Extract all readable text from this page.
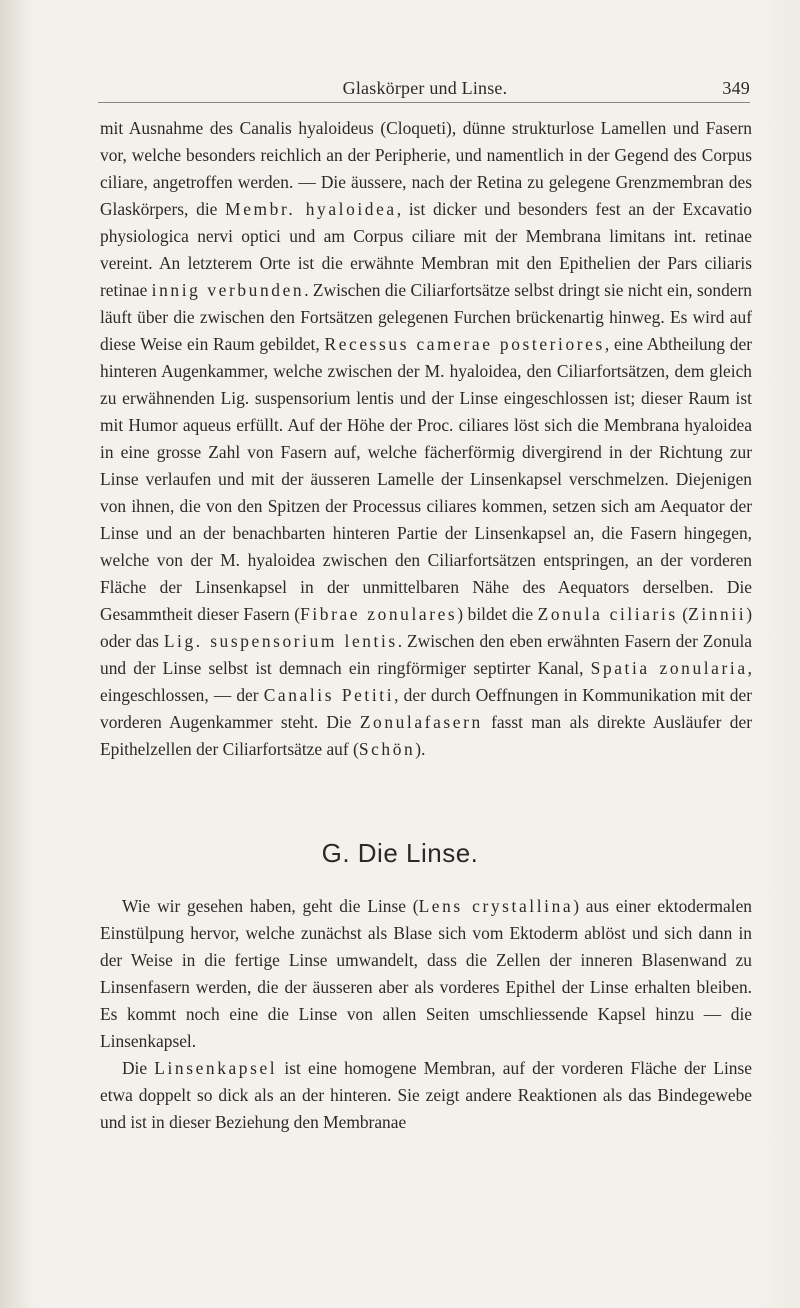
Glaskörper und Linse.	349

mit Ausnahme des Canalis hyaloideus (Cloqueti), dünne strukturlose Lamellen und Fasern vor, welche besonders reichlich an der Peripherie, und namentlich in der Gegend des Corpus ciliare, angetroffen werden. — Die äussere, nach der Retina zu gelegene Grenzmembran des Glaskörpers, die Membr. hyaloidea, ist dicker und besonders fest an der Excavatio physiologica nervi optici und am Corpus ciliare mit der Membrana limitans int. retinae vereint. An letzterem Orte ist die erwähnte Membran mit den Epithelien der Pars ciliaris retinae innig verbunden. Zwischen die Ciliarfortsätze selbst dringt sie nicht ein, sondern läuft über die zwischen den Fortsätzen gelegenen Furchen brückenartig hinweg. Es wird auf diese Weise ein Raum gebildet, Recessus camerae posteriores, eine Abtheilung der hinteren Augenkammer, welche zwischen der M. hyaloidea, den Ciliarfortsätzen, dem gleich zu erwähnenden Lig. suspensorium lentis und der Linse eingeschlossen ist; dieser Raum ist mit Humor aqueus erfüllt. Auf der Höhe der Proc. ciliares löst sich die Membrana hyaloidea in eine grosse Zahl von Fasern auf, welche fächerförmig divergirend in der Richtung zur Linse verlaufen und mit der äusseren Lamelle der Linsenkapsel verschmelzen. Diejenigen von ihnen, die von den Spitzen der Processus ciliares kommen, setzen sich am Aequator der Linse und an der benachbarten hinteren Partie der Linsenkapsel an, die Fasern hingegen, welche von der M. hyaloidea zwischen den Ciliarfortsätzen entspringen, an der vorderen Fläche der Linsenkapsel in der unmittelbaren Nähe des Aequators derselben. Die Gesammtheit dieser Fasern (Fibrae zonulares) bildet die Zonula ciliaris (Zinnii) oder das Lig. suspensorium lentis. Zwischen den eben erwähnten Fasern der Zonula und der Linse selbst ist demnach ein ringförmiger septirter Kanal, Spatia zonularia, eingeschlossen, — der Canalis Petiti, der durch Oeffnungen in Kommunikation mit der vorderen Augenkammer steht. Die Zonulafasern fasst man als direkte Ausläufer der Epithelzellen der Ciliarfortsätze auf (Schön).

G. Die Linse.

Wie wir gesehen haben, geht die Linse (Lens crystallina) aus einer ektodermalen Einstülpung hervor, welche zunächst als Blase sich vom Ektoderm ablöst und sich dann in der Weise in die fertige Linse umwandelt, dass die Zellen der inneren Blasenwand zu Linsenfasern werden, die der äusseren aber als vorderes Epithel der Linse erhalten bleiben. Es kommt noch eine die Linse von allen Seiten umschliessende Kapsel hinzu — die Linsenkapsel.

Die Linsenkapsel ist eine homogene Membran, auf der vorderen Fläche der Linse etwa doppelt so dick als an der hinteren. Sie zeigt andere Reaktionen als das Bindegewebe und ist in dieser Beziehung den Membranae
